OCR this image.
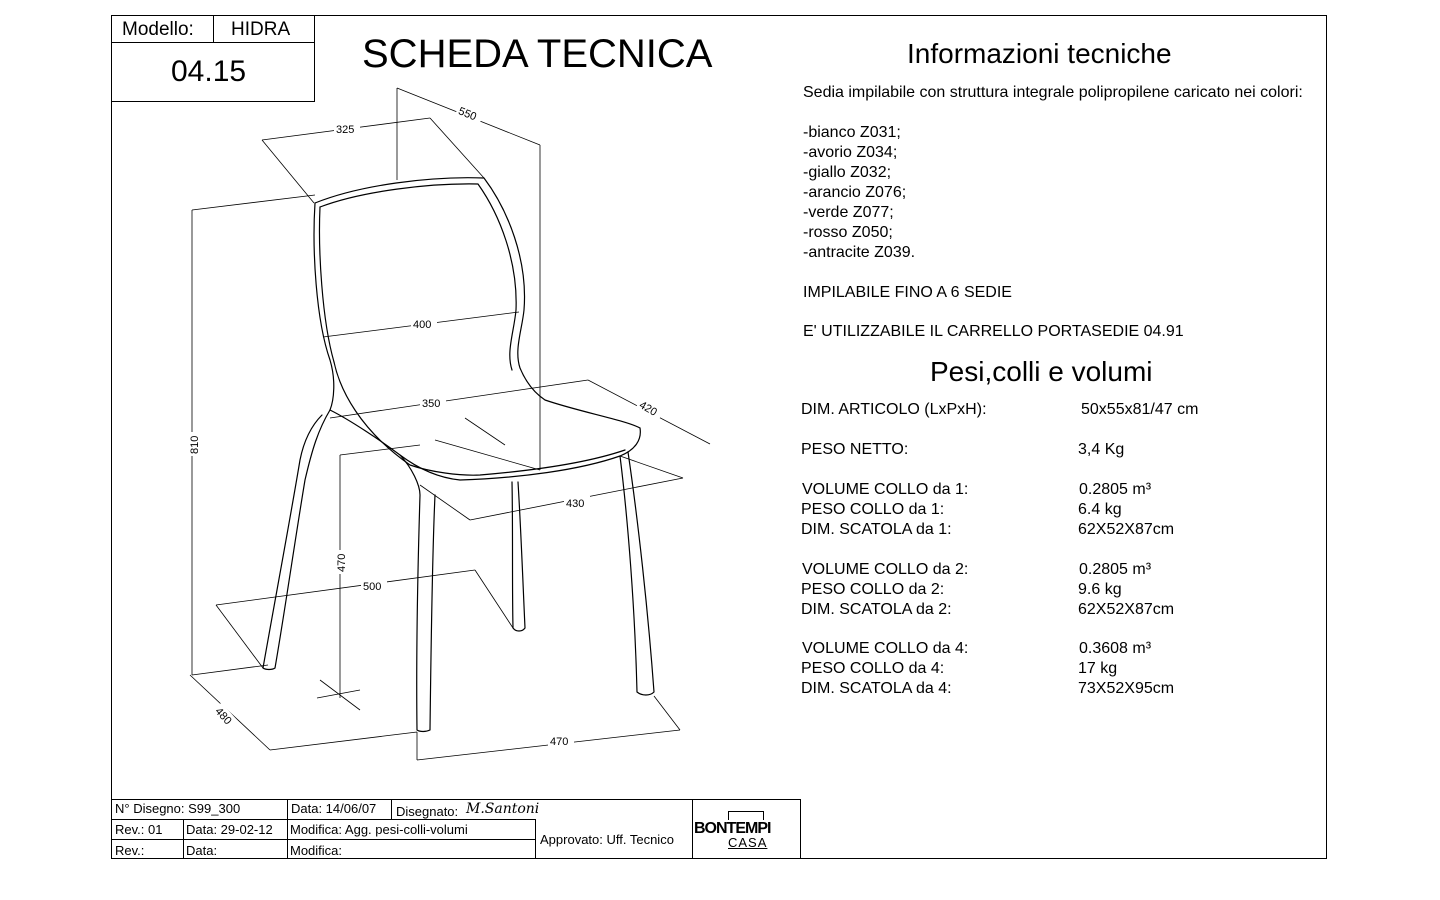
Modello: HIDRA
04.15	SCHEDA TECNICA	Informazioni tecniche
Sedia impilabile con struttura integrale polipropilene caricato nei colori:
-bianco Z031;
-avorio Z034;
-giallo Z032;
-arancio Z076;
-verde Z077;
-rosso Z050;
-antracite Z039.
IMPILABILE FINO A 6 SEDIE
E' UTILIZZABILE IL CARRELLO PORTASEDIE 04.91
Pesi,colli e volumi
DIM. ARTICOLO (LxPxH):	50x55x81/47 cm
PESO NETTO:	3,4 Kg
VOLUME COLLO da 1:	0.2805 m³
PESO COLLO da 1:	6.4 kg
DIM. SCATOLA da 1:	62X52X87cm
VOLUME COLLO da 2:	0.2805 m³
PESO COLLO da 2:	9.6 kg
DIM. SCATOLA da 2:	62X52X87cm
VOLUME COLLO da 4:	0.3608 m³
PESO COLLO da 4:	17 kg
DIM. SCATOLA da 4:	73X52X95cm
325
550
810
400
350	420
430
470
500
480
470
N° Disegno: S99_300	Data: 14/06/07 Disegnato: M.Santoni
Rev.: 01 Data: 29-02-12 Modifica: Agg. pesi-colli-volumi
Rev.:	Data:	Modifica:
Approvato: Uff. Tecnico
BONTEMPI
CASA
